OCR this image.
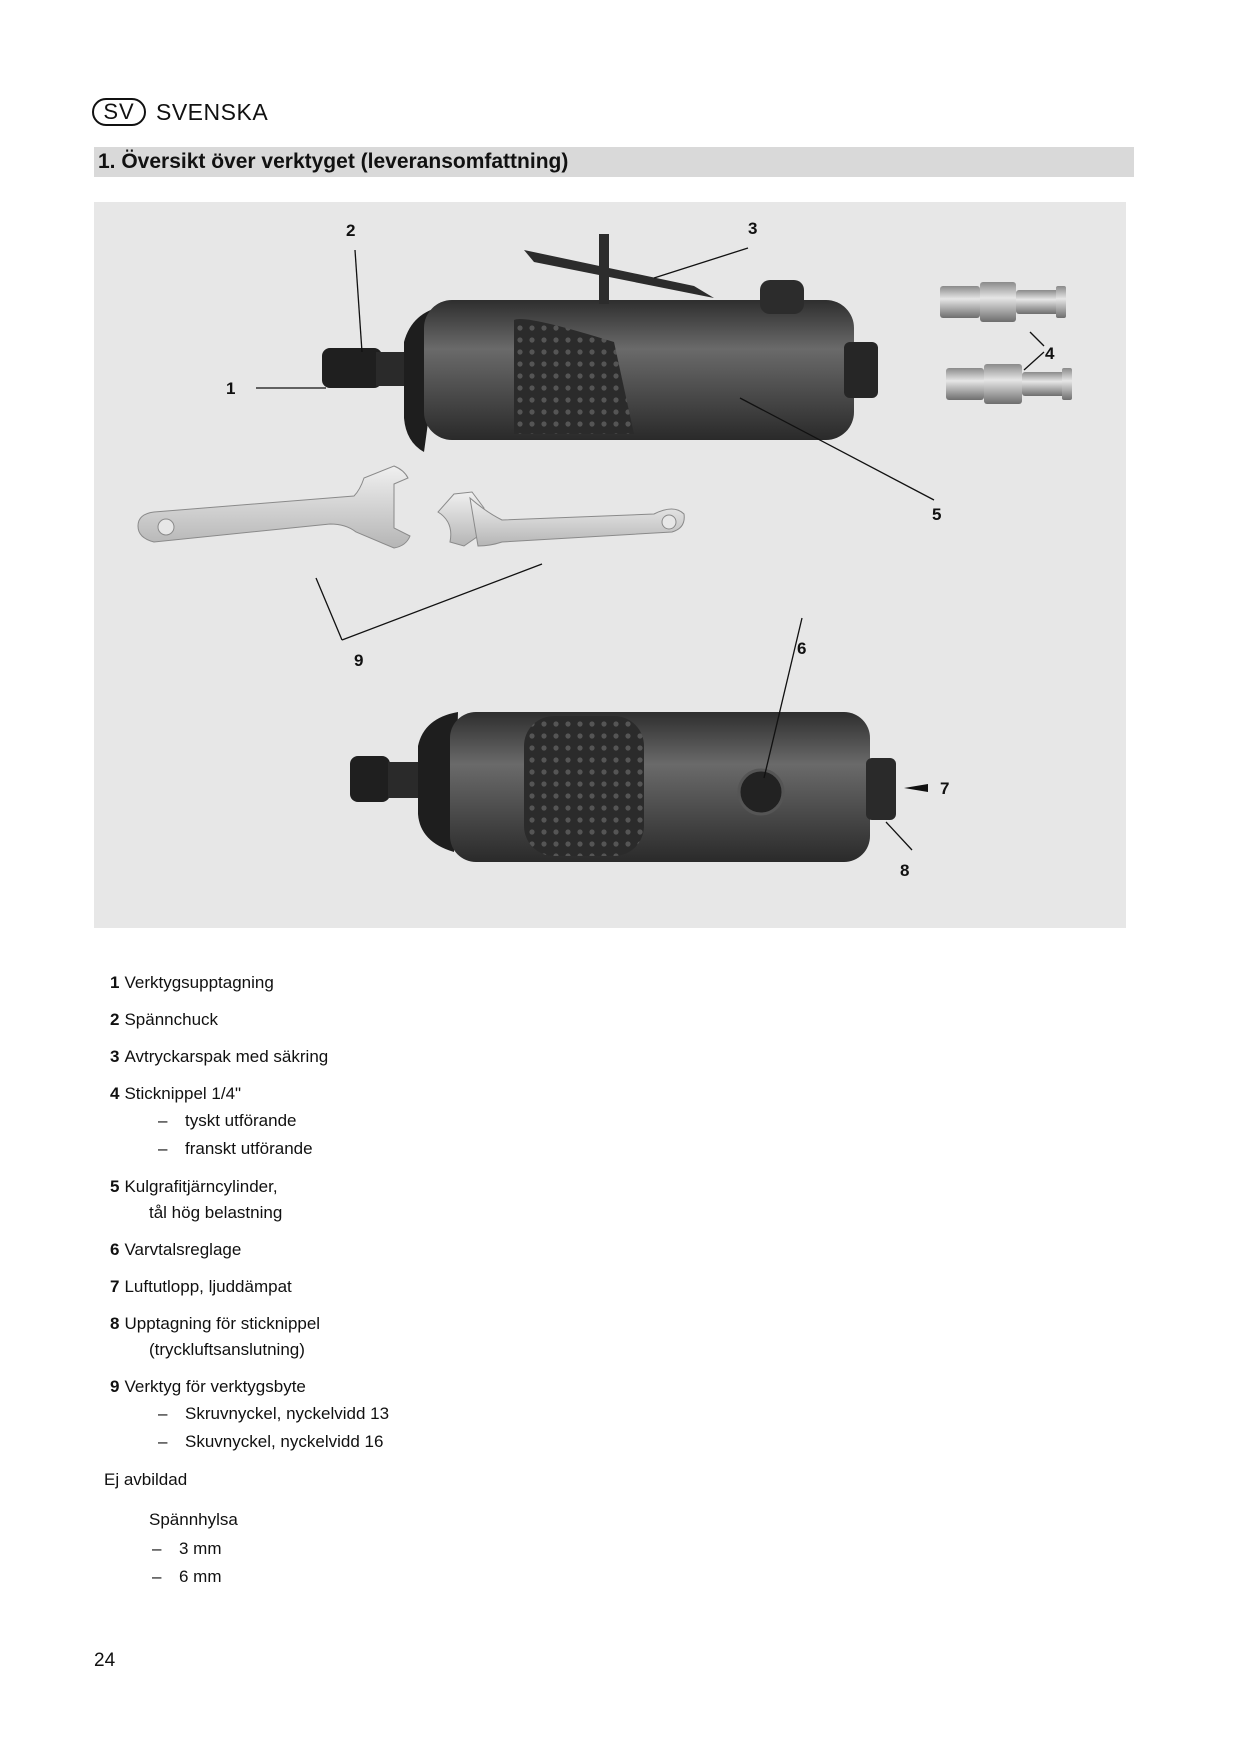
SV SVENSKA
1. Översikt över verktyget (leveransomfattning)
1
2	3
4
5
6
7
8
9
1 Verktygsupptagning
2 Spännchuck
3 Avtryckarspak med säkring
4 Sticknippel 1/4"
–	tyskt utförande
–	franskt utförande
5 Kulgrafitjärncylinder,
tål hög belastning
6 Varvtalsreglage
7 Luftutlopp, ljuddämpat
8 Upptagning för sticknippel
(tryckluftsanslutning)
9 Verktyg för verktygsbyte
–	Skruvnyckel, nyckelvidd 13
–	Skuvnyckel, nyckelvidd 16
Ej avbildad
Spännhylsa
–	3 mm
–	6 mm
24
